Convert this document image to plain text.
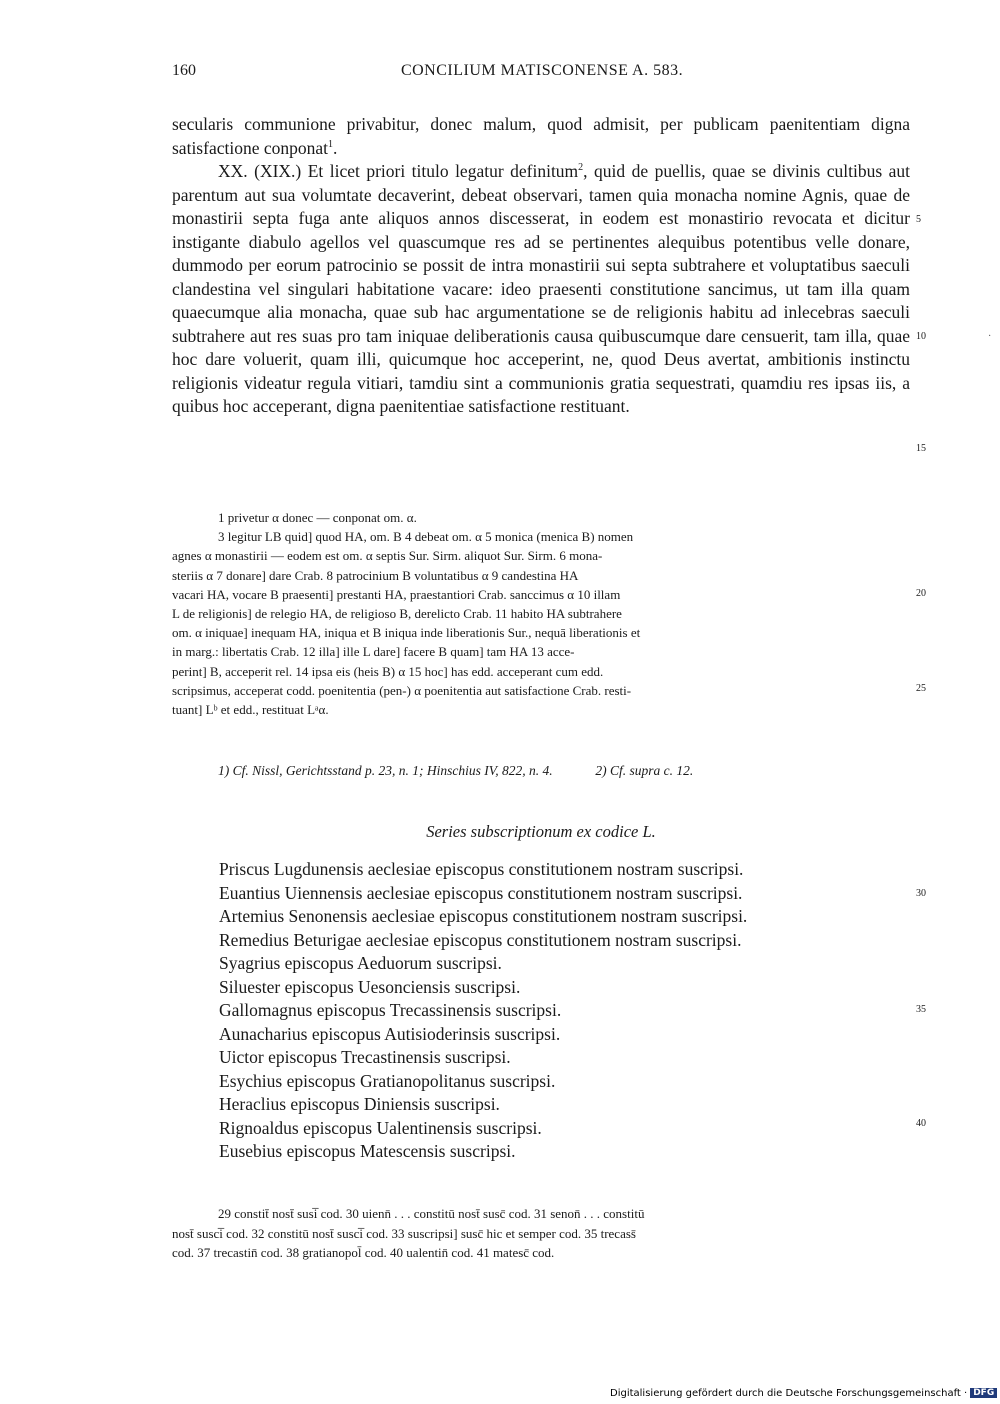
160	CONCILIUM MATISCONENSE A. 583.

secularis communione privabitur, donec malum, quod admisit, per publicam paenitentiam digna satisfactione conponat$^1$.

XX. (XIX.) Et licet priori titulo legatur definitum$^2$, quid de puellis, quae se divinis cultibus aut parentum aut sua volumtate decaverint, debeat observari, tamen quia monacha nomine Agnis, quae de monastirii septa fuga ante aliquos annos discesserat, in eodem est monastirio revocata et dicitur instigante diabulo agellos vel quascumque res ad se pertinentes alequibus potentibus velle donare, dummodo per eorum patrocinio se possit de intra monastirii sui septa subtrahere et voluptatibus saeculi clandestina vel singulari habitatione vacare: ideo praesenti constitutione sancimus, ut tam illa quam quaecumque alia monacha, quae sub hac argumentatione se de religionis habitu ad inlecebras saeculi subtrahere aut res suas pro tam iniquae deliberationis causa quibuscumque dare censuerit, tam illa, quae hoc dare voluerit, quam illi, quicumque hoc acceperint, ne, quod Deus avertat, ambitionis instinctu religionis videatur regula vitiari, tamdiu sint a communionis gratia sequestrati, quamdiu res ipsas iis, a quibus hoc acceperant, digna paenitentiae satisfactione restituant.

5
10	·
15
1 privetur α donec — conponat om. α.
3 legitur LB quid] quod HA, om. B 4 debeat om. α 5 monica (menica B) nomen
agnes α monastirii — eodem est om. α septis Sur. Sirm. aliquot Sur. Sirm. 6 mona-
steriis α 7 donare] dare Crab. 8 patrocinium B voluntatibus α 9 candestina HA
vacari HA, vocare B praesenti] prestanti HA, praestantiori Crab. sanccimus α 10 illam
L de religionis] de relegio HA, de religioso B, derelicto Crab. 11 habito HA subtrahere
om. α iniquae] inequam HA, iniqua et B iniqua inde liberationis Sur., nequā liberationis et
in marg.: libertatis Crab. 12 illa] ille L dare] facere B quam] tam HA 13 acce-
perint] B, acceperit rel. 14 ipsa eis (heis B) α 15 hoc] has edd. acceperant cum edd.
scripsimus, acceperat codd. poenitentia (pen-) α poenitentia aut satisfactione Crab. resti-
tuant] Lᵇ et edd., restituat Lᵃα.
20
25
1) Cf. Nissl, Gerichtsstand p. 23, n. 1; Hinschius IV, 822, n. 4.	2) Cf. supra c. 12.
Series subscriptionum ex codice L.
Priscus Lugdunensis aeclesiae episcopus constitutionem nostram suscripsi.
Euantius Uiennensis aeclesiae episcopus constitutionem nostram suscripsi.
Artemius Senonensis aeclesiae episcopus constitutionem nostram suscripsi.
Remedius Beturigae aeclesiae episcopus constitutionem nostram suscripsi.
Syagrius episcopus Aeduorum suscripsi.
Siluester episcopus Uesonciensis suscripsi.
Gallomagnus episcopus Trecassinensis suscripsi.
Aunacharius episcopus Autisioderinsis suscripsi.
Uictor episcopus Trecastinensis suscripsi.
Esychius episcopus Gratianopolitanus suscripsi.
Heraclius episcopus Diniensis suscripsi.
Rignoaldus episcopus Ualentinensis suscripsi.
Eusebius episcopus Matescensis suscripsi.
30
35
40
29 constit̄ nost̄ susi̅ cod. 30 uienn̄ . . . constitū nost̄ susc̄ cod. 31 senon̄ . . . constitū
nost̄ susci̅ cod. 32 constitū nost̄ susci̅ cod. 33 suscripsi] susc̄ hic et semper cod. 35 trecass̄
cod. 37 trecastin̄ cod. 38 gratianopol̄ cod. 40 ualentin̄ cod. 41 matesc̄ cod.
Digitalisierung gefördert durch die Deutsche Forschungsgemeinschaft · DFG
